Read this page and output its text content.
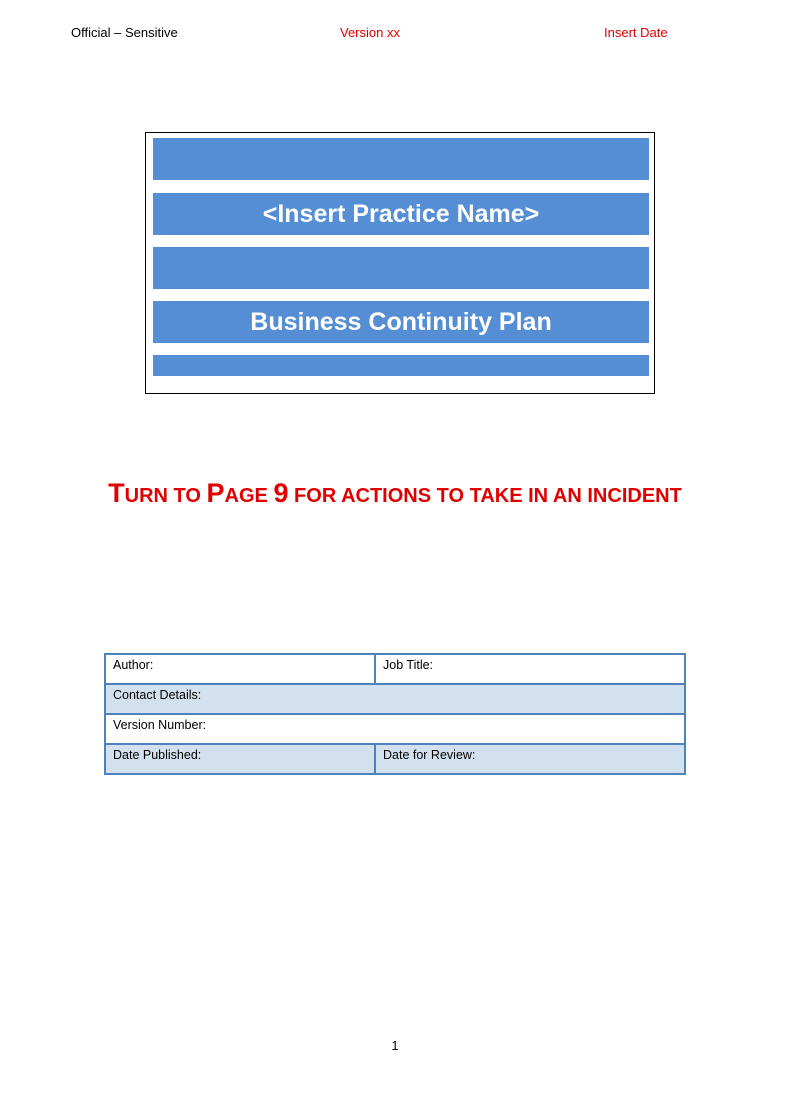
Official – Sensitive	Version xx	Insert Date
<Insert Practice Name>
Business Continuity Plan
TURN TO PAGE 9 FOR ACTIONS TO TAKE IN AN INCIDENT
Author:	Job Title:
Contact Details:	
Version Number:	
Date Published:	Date for Review:
1
